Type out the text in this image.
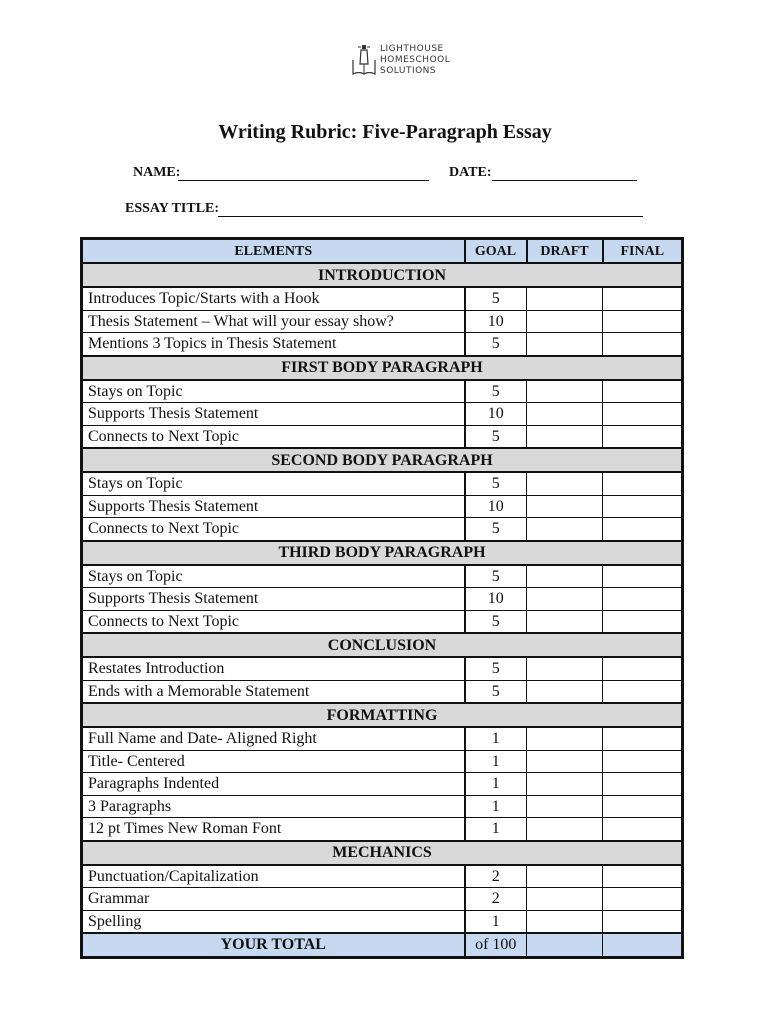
LIGHTHOUSE
HOMESCHOOL
SOLUTIONS
Writing Rubric: Five-Paragraph Essay
NAME:	DATE:
ESSAY TITLE:
ELEMENTS	GOAL	DRAFT	FINAL
INTRODUCTION			
Introduces Topic/Starts with a Hook	5		
Thesis Statement – What will your essay show?	10		
Mentions 3 Topics in Thesis Statement	5		
FIRST BODY PARAGRAPH			
Stays on Topic	5		
Supports Thesis Statement	10		
Connects to Next Topic	5		
SECOND BODY PARAGRAPH			
Stays on Topic	5		
Supports Thesis Statement	10		
Connects to Next Topic	5		
THIRD BODY PARAGRAPH			
Stays on Topic	5		
Supports Thesis Statement	10		
Connects to Next Topic	5		
CONCLUSION			
Restates Introduction	5		
Ends with a Memorable Statement	5		
FORMATTING			
Full Name and Date- Aligned Right	1		
Title- Centered	1		
Paragraphs Indented	1		
3 Paragraphs	1		
12 pt Times New Roman Font	1		
MECHANICS			
Punctuation/Capitalization	2		
Grammar	2		
Spelling	1		
YOUR TOTAL	of 100		
